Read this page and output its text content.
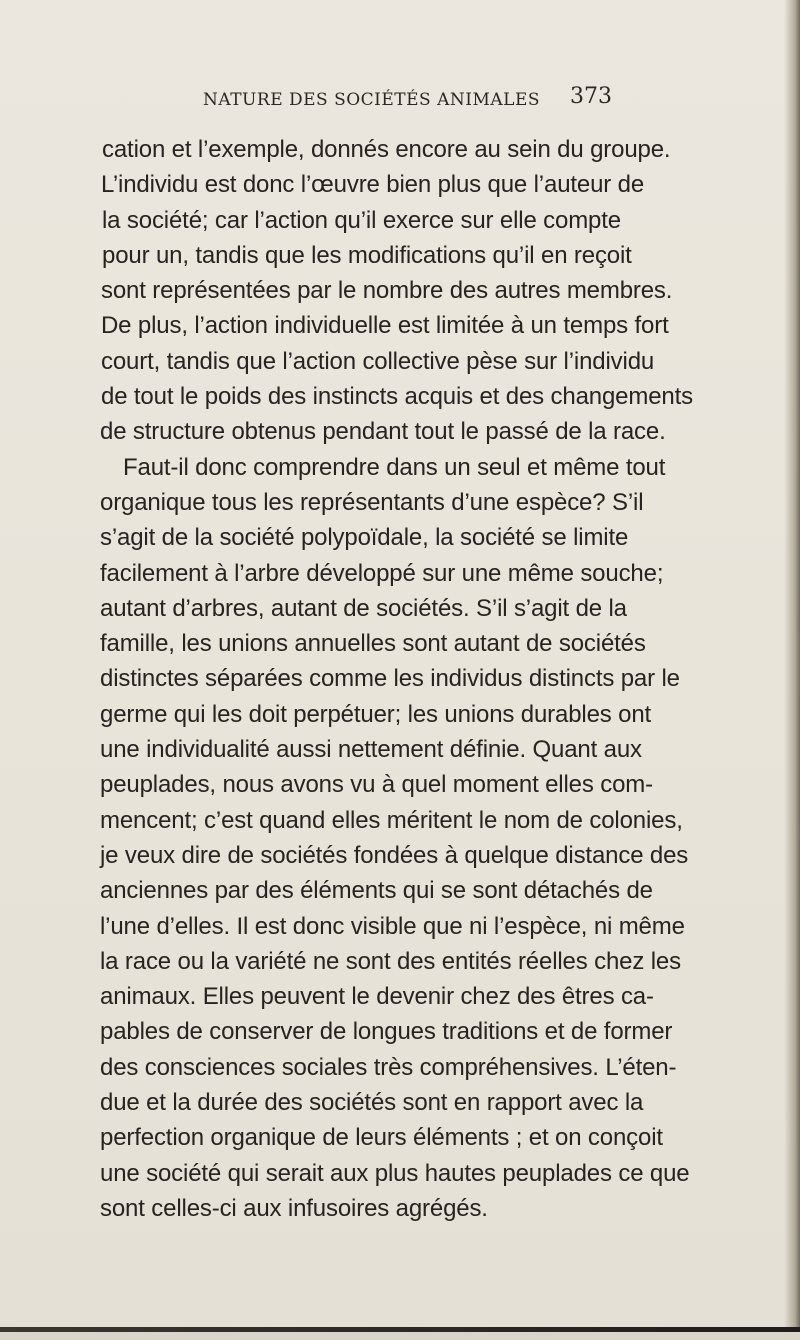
NATURE DES SOCIÉTÉS ANIMALES 373
cation et l’exemple, donnés encore au sein du groupe.
L’individu est donc l’œuvre bien plus que l’auteur de
la société; car l’action qu’il exerce sur elle compte
pour un, tandis que les modifications qu’il en reçoit
sont représentées par le nombre des autres membres.
De plus, l’action individuelle est limitée à un temps fort
court, tandis que l’action collective pèse sur l’individu
de tout le poids des instincts acquis et des changements
de structure obtenus pendant tout le passé de la race.
Faut-il donc comprendre dans un seul et même tout
organique tous les représentants d’une espèce? S’il
s’agit de la société polypoïdale, la société se limite
facilement à l’arbre développé sur une même souche;
autant d’arbres, autant de sociétés. S’il s’agit de la
famille, les unions annuelles sont autant de sociétés
distinctes séparées comme les individus distincts par le
germe qui les doit perpétuer; les unions durables ont
une individualité aussi nettement définie. Quant aux
peuplades, nous avons vu à quel moment elles com-
mencent; c’est quand elles méritent le nom de colonies,
je veux dire de sociétés fondées à quelque distance des
anciennes par des éléments qui se sont détachés de
l’une d’elles. Il est donc visible que ni l’espèce, ni même
la race ou la variété ne sont des entités réelles chez les
animaux. Elles peuvent le devenir chez des êtres ca-
pables de conserver de longues traditions et de former
des consciences sociales très compréhensives. L’éten-
due et la durée des sociétés sont en rapport avec la
perfection organique de leurs éléments ; et on conçoit
une société qui serait aux plus hautes peuplades ce que
sont celles-ci aux infusoires agrégés.
